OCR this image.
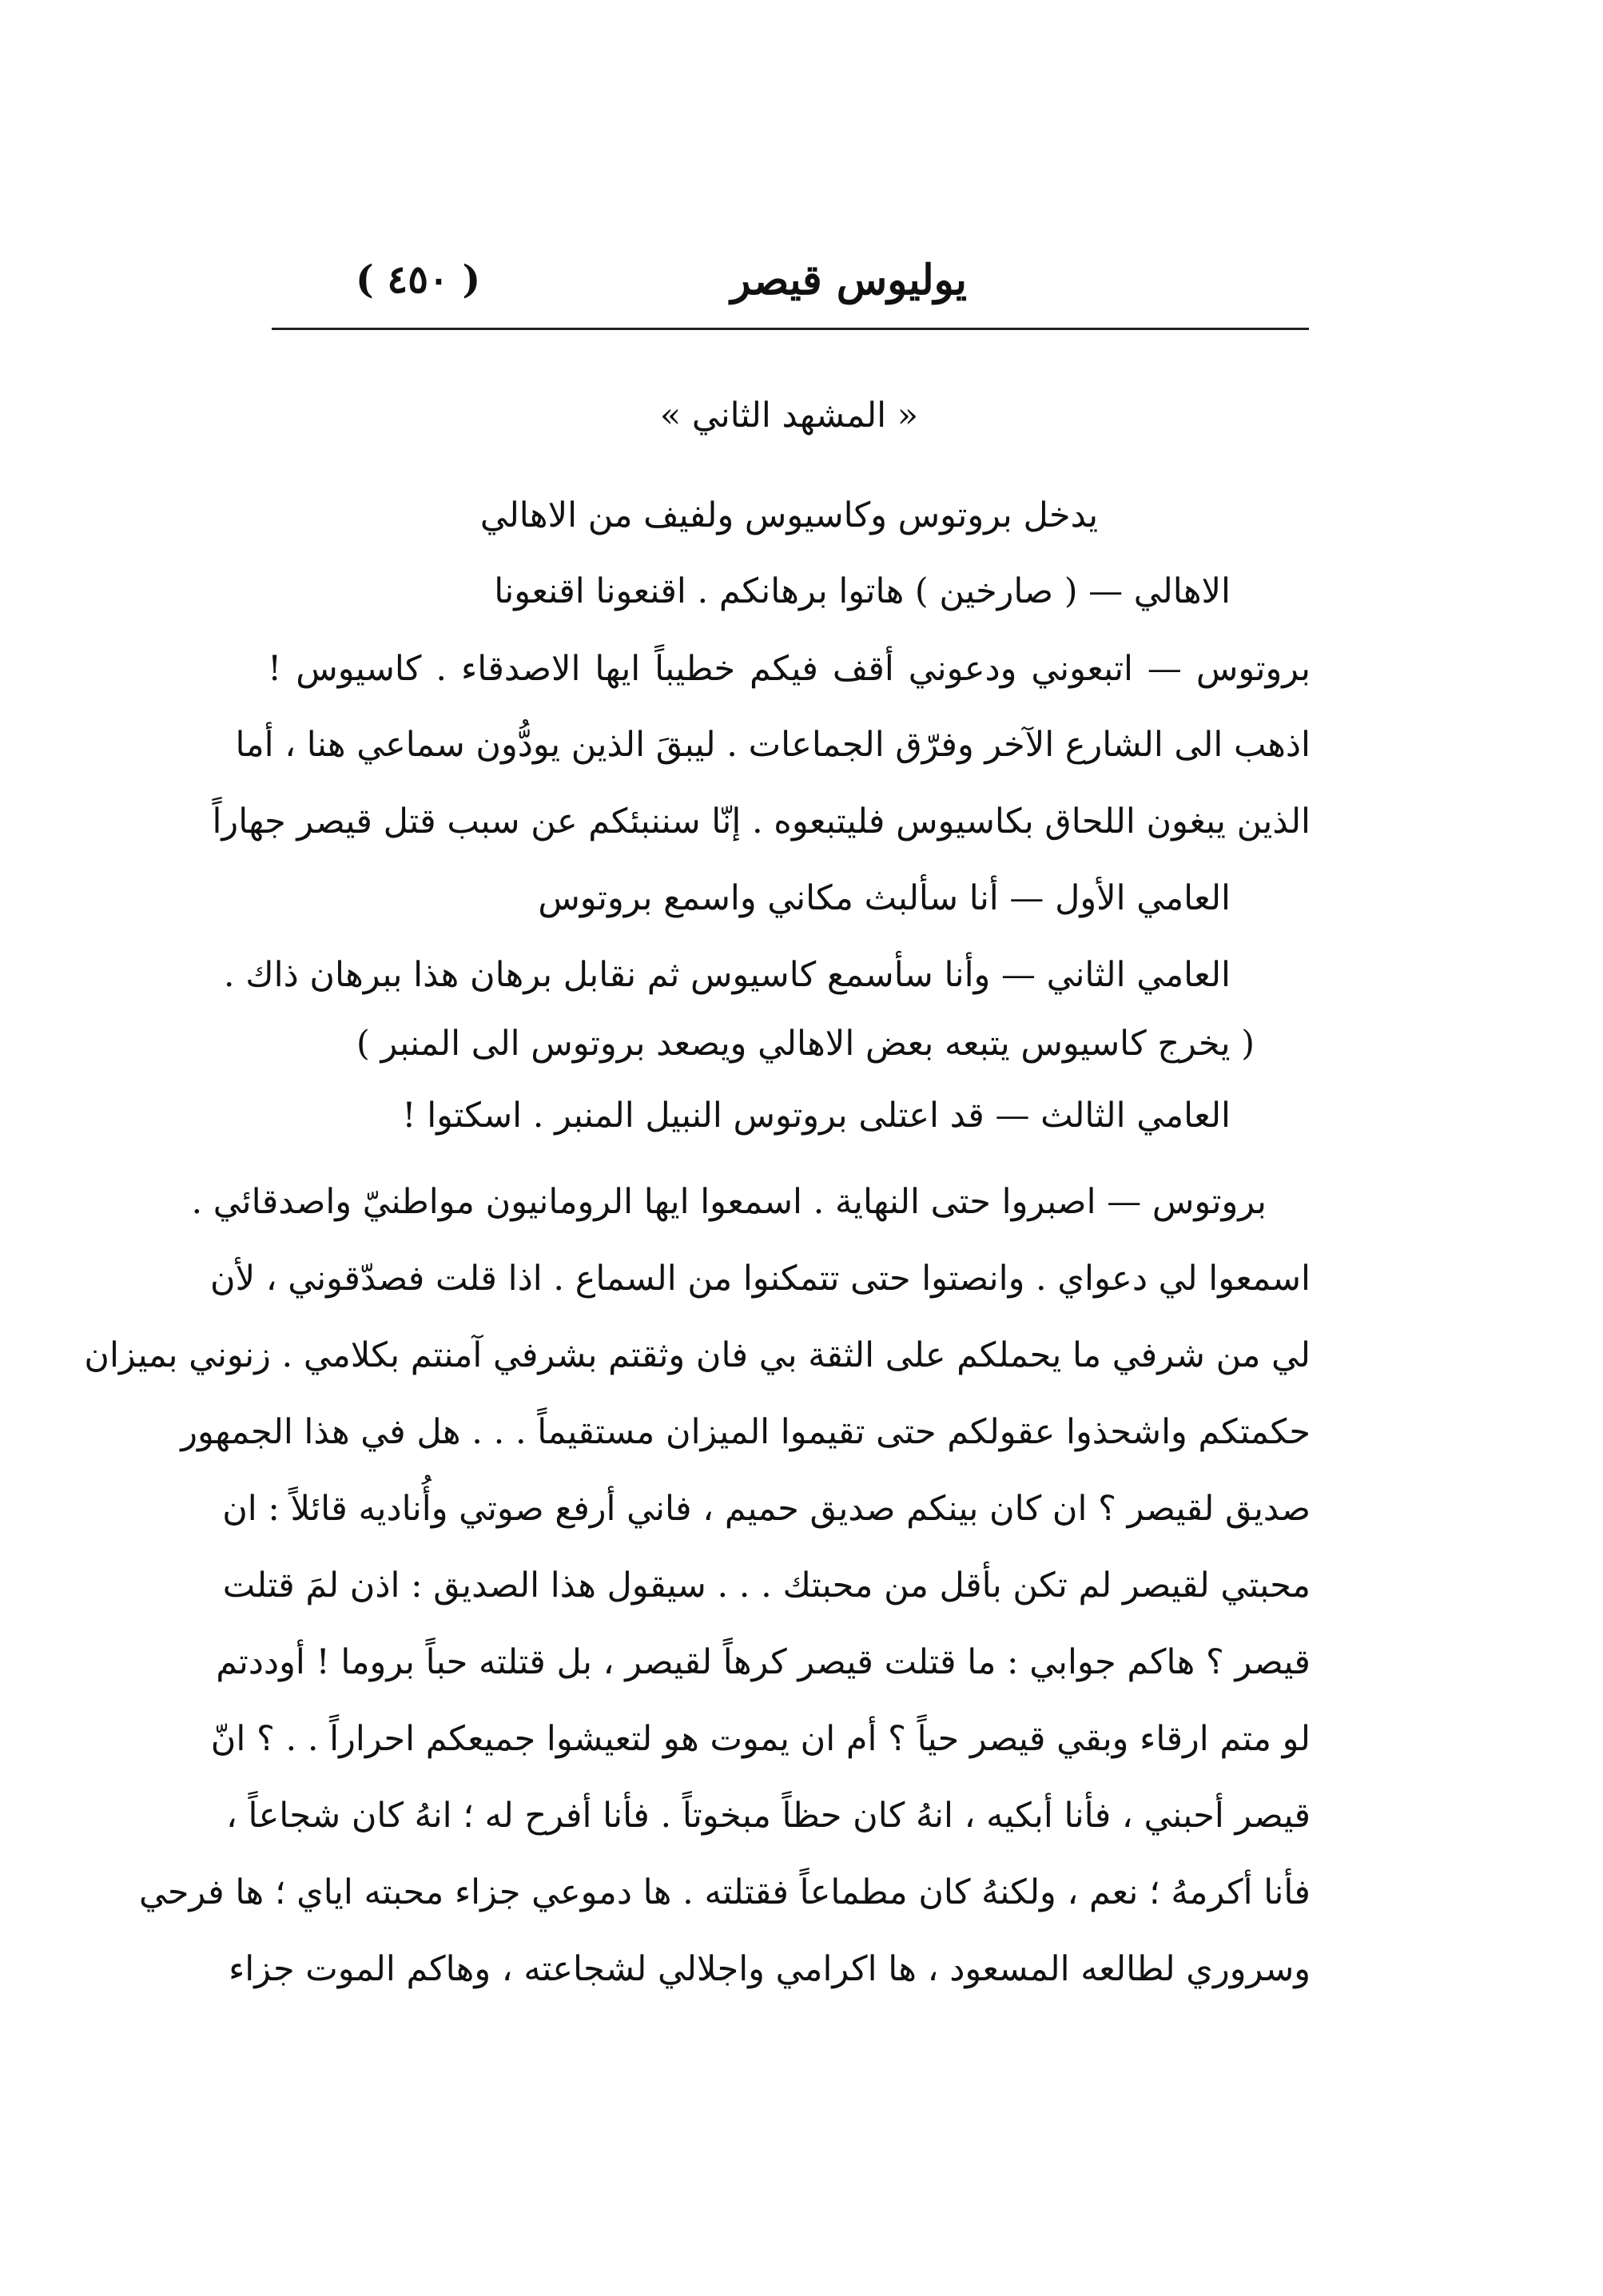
يوليوس قيصر
( ٤٥٠ )
« المشهد الثاني »
يدخل بروتوس وكاسيوس ولفيف من الاهالي
الاهالي — ( صارخين ) هاتوا برهانكم . اقنعونا اقنعونا
بروتوس — اتبعوني ودعوني أقف فيكم خطيباً ايها الاصدقاء . كاسيوس !
اذهب الى الشارع الآخر وفرّق الجماعات . ليبقَ الذين يودُّون سماعي هنا ، أما
الذين يبغون اللحاق بكاسيوس فليتبعوه . إنّا سننبئكم عن سبب قتل قيصر جهاراً
العامي الأول — أنا سألبث مكاني واسمع بروتوس
العامي الثاني — وأنا سأسمع كاسيوس ثم نقابل برهان هذا ببرهان ذاك .
( يخرج كاسيوس يتبعه بعض الاهالي ويصعد بروتوس الى المنبر )
العامي الثالث — قد اعتلى بروتوس النبيل المنبر . اسكتوا !
بروتوس — اصبروا حتى النهاية . اسمعوا ايها الرومانيون مواطنيّ واصدقائي .
اسمعوا لي دعواي . وانصتوا حتى تتمكنوا من السماع . اذا قلت فصدّقوني ، لأن
لي من شرفي ما يحملكم على الثقة بي فان وثقتم بشرفي آمنتم بكلامي . زنوني بميزان
حكمتكم واشحذوا عقولكم حتى تقيموا الميزان مستقيماً . . . هل في هذا الجمهور
صديق لقيصر ؟ ان كان بينكم صديق حميم ، فاني أرفع صوتي وأُناديه قائلاً : ان
محبتي لقيصر لم تكن بأقل من محبتك . . . سيقول هذا الصديق : اذن لمَ قتلت
قيصر ؟ هاكم جوابي : ما قتلت قيصر كرهاً لقيصر ، بل قتلته حباً بروما ! أوددتم
لو متم ارقاء وبقي قيصر حياً ؟ أم ان يموت هو لتعيشوا جميعكم احراراً . . ؟ انّ
قيصر أحبني ، فأنا أبكيه ، انهُ كان حظاً مبخوتاً . فأنا أفرح له ؛ انهُ كان شجاعاً ،
فأنا أكرمهُ ؛ نعم ، ولكنهُ كان مطماعاً فقتلته . ها دموعي جزاء محبته اياي ؛ ها فرحي
وسروري لطالعه المسعود ، ها اكرامي واجلالي لشجاعته ، وهاكم الموت جزاء
